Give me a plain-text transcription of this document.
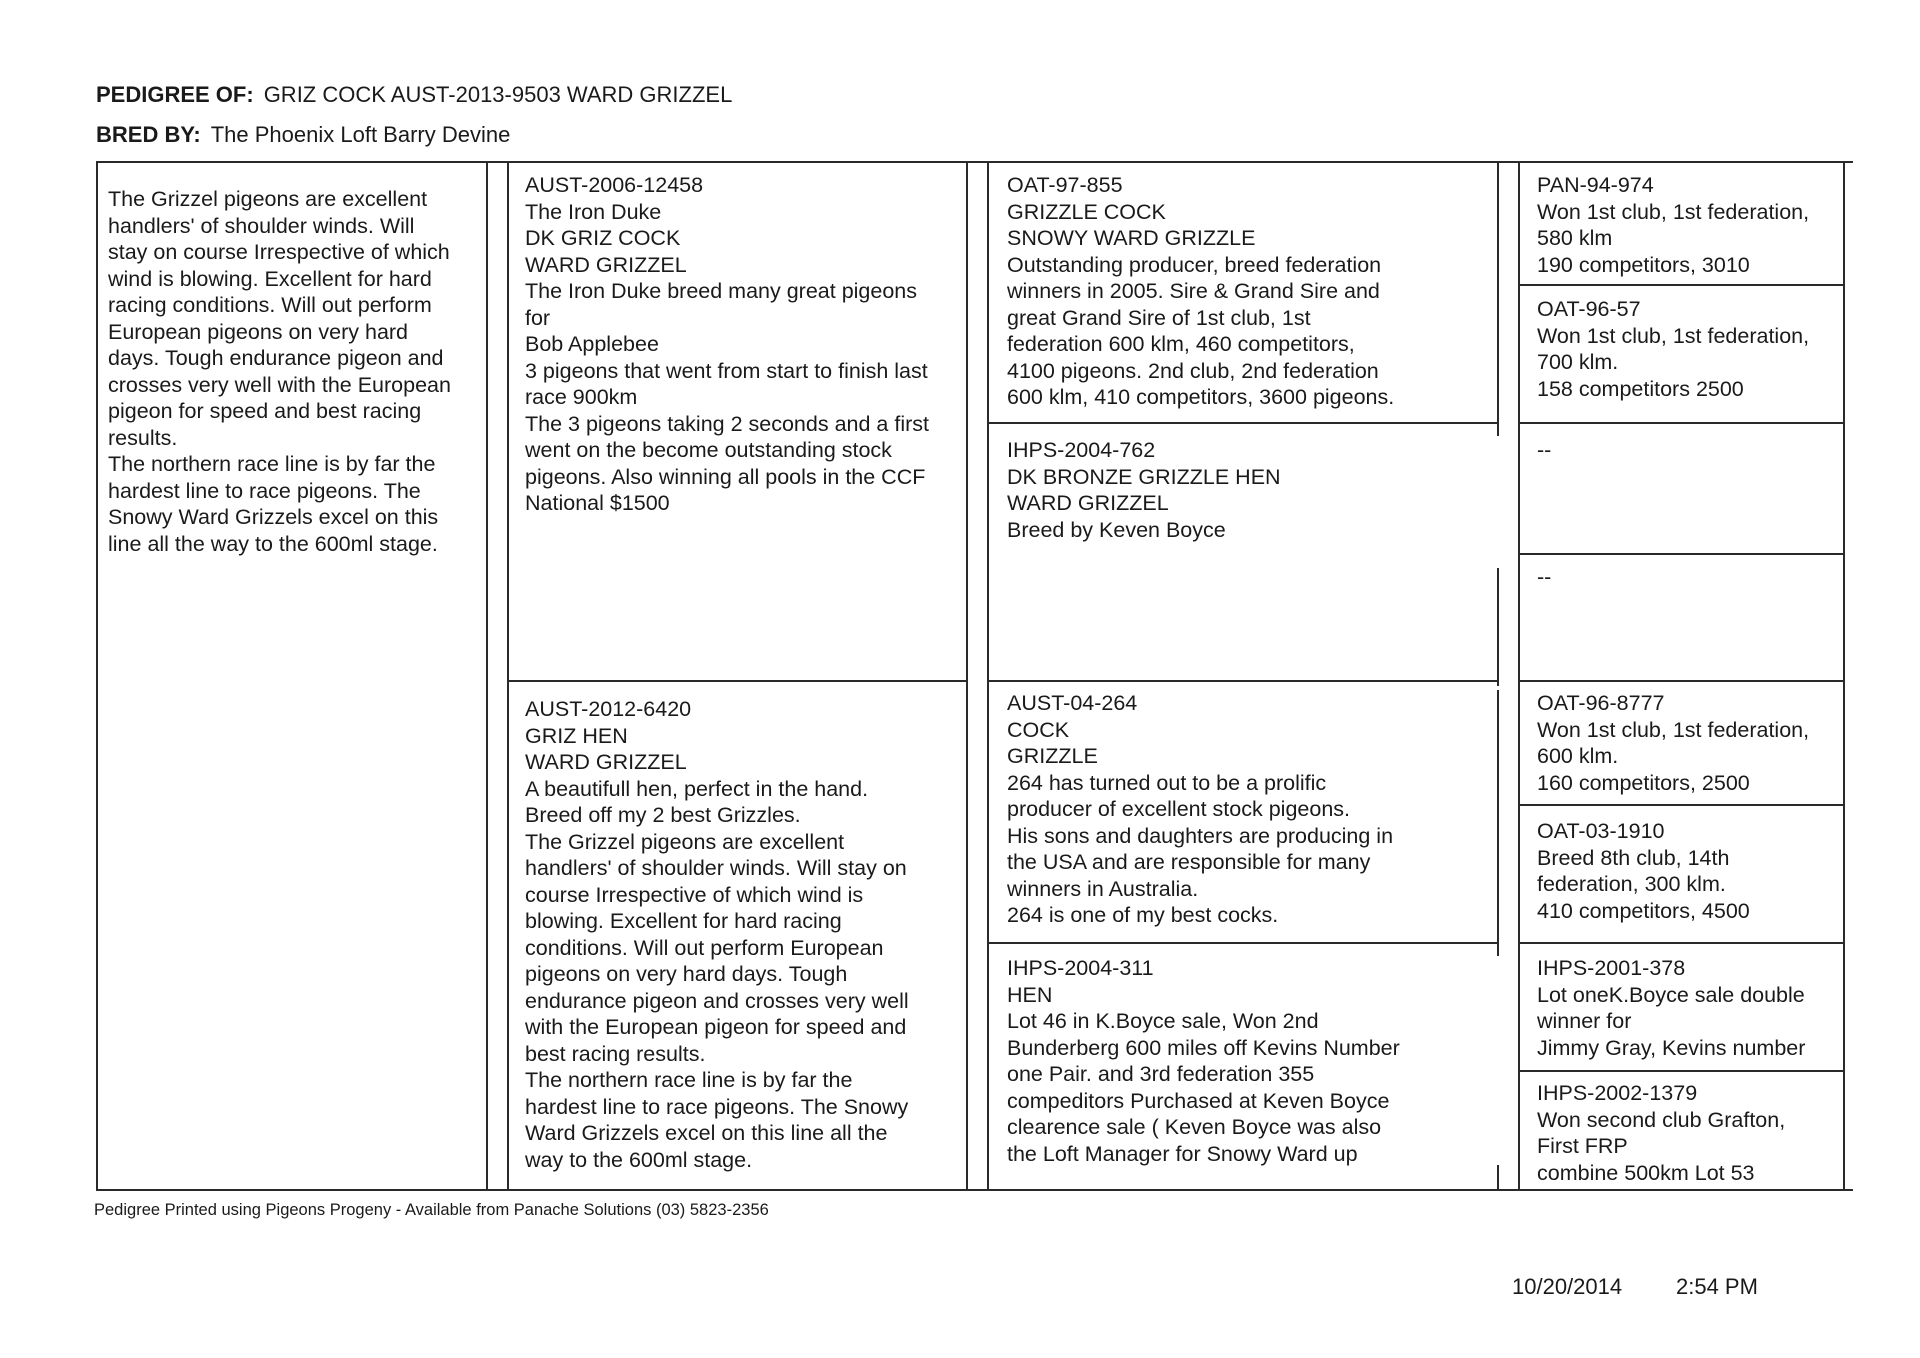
PEDIGREE OF: GRIZ COCK AUST-2013-9503 WARD GRIZZEL
BRED BY: The Phoenix Loft Barry Devine
The Grizzel pigeons are excellent
handlers' of shoulder winds. Will
stay on course Irrespective of which
wind is blowing. Excellent for hard
racing conditions. Will out perform
European pigeons on very hard
days. Tough endurance pigeon and
crosses very well with the European
pigeon for speed and best racing
results.
The northern race line is by far the
hardest line to race pigeons. The
Snowy Ward Grizzels excel on this
line all the way to the 600ml stage.
AUST-2006-12458
The Iron Duke
DK GRIZ COCK
WARD GRIZZEL
The Iron Duke breed many great pigeons
for
Bob Applebee
3 pigeons that went from start to finish last
race 900km
The 3 pigeons taking 2 seconds and a first
went on the become outstanding stock
pigeons. Also winning all pools in the CCF
National $1500
AUST-2012-6420
GRIZ HEN
WARD GRIZZEL
A beautifull hen, perfect in the hand.
Breed off my 2 best Grizzles.
The Grizzel pigeons are excellent
handlers' of shoulder winds. Will stay on
course Irrespective of which wind is
blowing. Excellent for hard racing
conditions. Will out perform European
pigeons on very hard days. Tough
endurance pigeon and crosses very well
with the European pigeon for speed and
best racing results.
The northern race line is by far the
hardest line to race pigeons. The Snowy
Ward Grizzels excel on this line all the
way to the 600ml stage.
OAT-97-855
GRIZZLE COCK
SNOWY WARD GRIZZLE
Outstanding producer, breed federation
winners in 2005. Sire & Grand Sire and
great Grand Sire of 1st club, 1st
federation 600 klm, 460 competitors,
4100 pigeons. 2nd club, 2nd federation
600 klm, 410 competitors, 3600 pigeons.
IHPS-2004-762
DK BRONZE GRIZZLE HEN
WARD GRIZZEL
Breed by Keven Boyce
AUST-04-264
COCK
GRIZZLE
264 has turned out to be a prolific
producer of excellent stock pigeons.
His sons and daughters are producing in
the USA and are responsible for many
winners in Australia.
264 is one of my best cocks.
IHPS-2004-311
HEN
Lot 46 in K.Boyce sale, Won 2nd
Bunderberg 600 miles off Kevins Number
one Pair. and 3rd federation 355
compeditors Purchased at Keven Boyce
clearence sale ( Keven Boyce was also
the Loft Manager for Snowy Ward up
PAN-94-974
Won 1st club, 1st federation,
580 klm
190 competitors, 3010
OAT-96-57
Won 1st club, 1st federation,
700 klm.
158 competitors 2500
--
--
OAT-96-8777
Won 1st club, 1st federation,
600 klm.
160 competitors, 2500
OAT-03-1910
Breed 8th club, 14th
federation, 300 klm.
410 competitors, 4500
IHPS-2001-378
Lot oneK.Boyce sale double
winner for
Jimmy Gray, Kevins number
IHPS-2002-1379
Won second club Grafton,
First FRP
combine 500km Lot 53
Pedigree Printed using Pigeons Progeny - Available from Panache Solutions (03) 5823-2356
10/20/2014 2:54 PM
